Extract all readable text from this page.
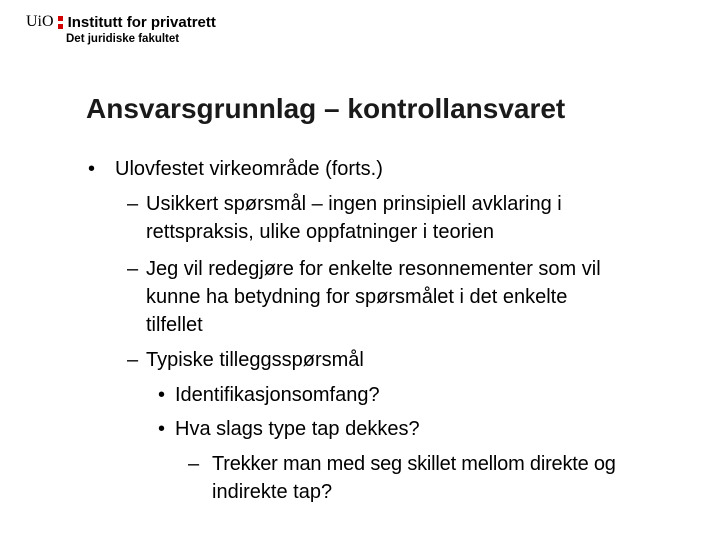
UiO Institutt for privatrett
Det juridiske fakultet
Ansvarsgrunnlag – kontrollansvaret
• Ulovfestet virkeområde (forts.)
– Usikkert spørsmål – ingen prinsipiell avklaring i
rettspraksis, ulike oppfatninger i teorien
– Jeg vil redegjøre for enkelte resonnementer som vil
kunne ha betydning for spørsmålet i det enkelte
tilfellet
– Typiske tilleggsspørsmål
• Identifikasjonsomfang?
• Hva slags type tap dekkes?
– Trekker man med seg skillet mellom direkte og
indirekte tap?
